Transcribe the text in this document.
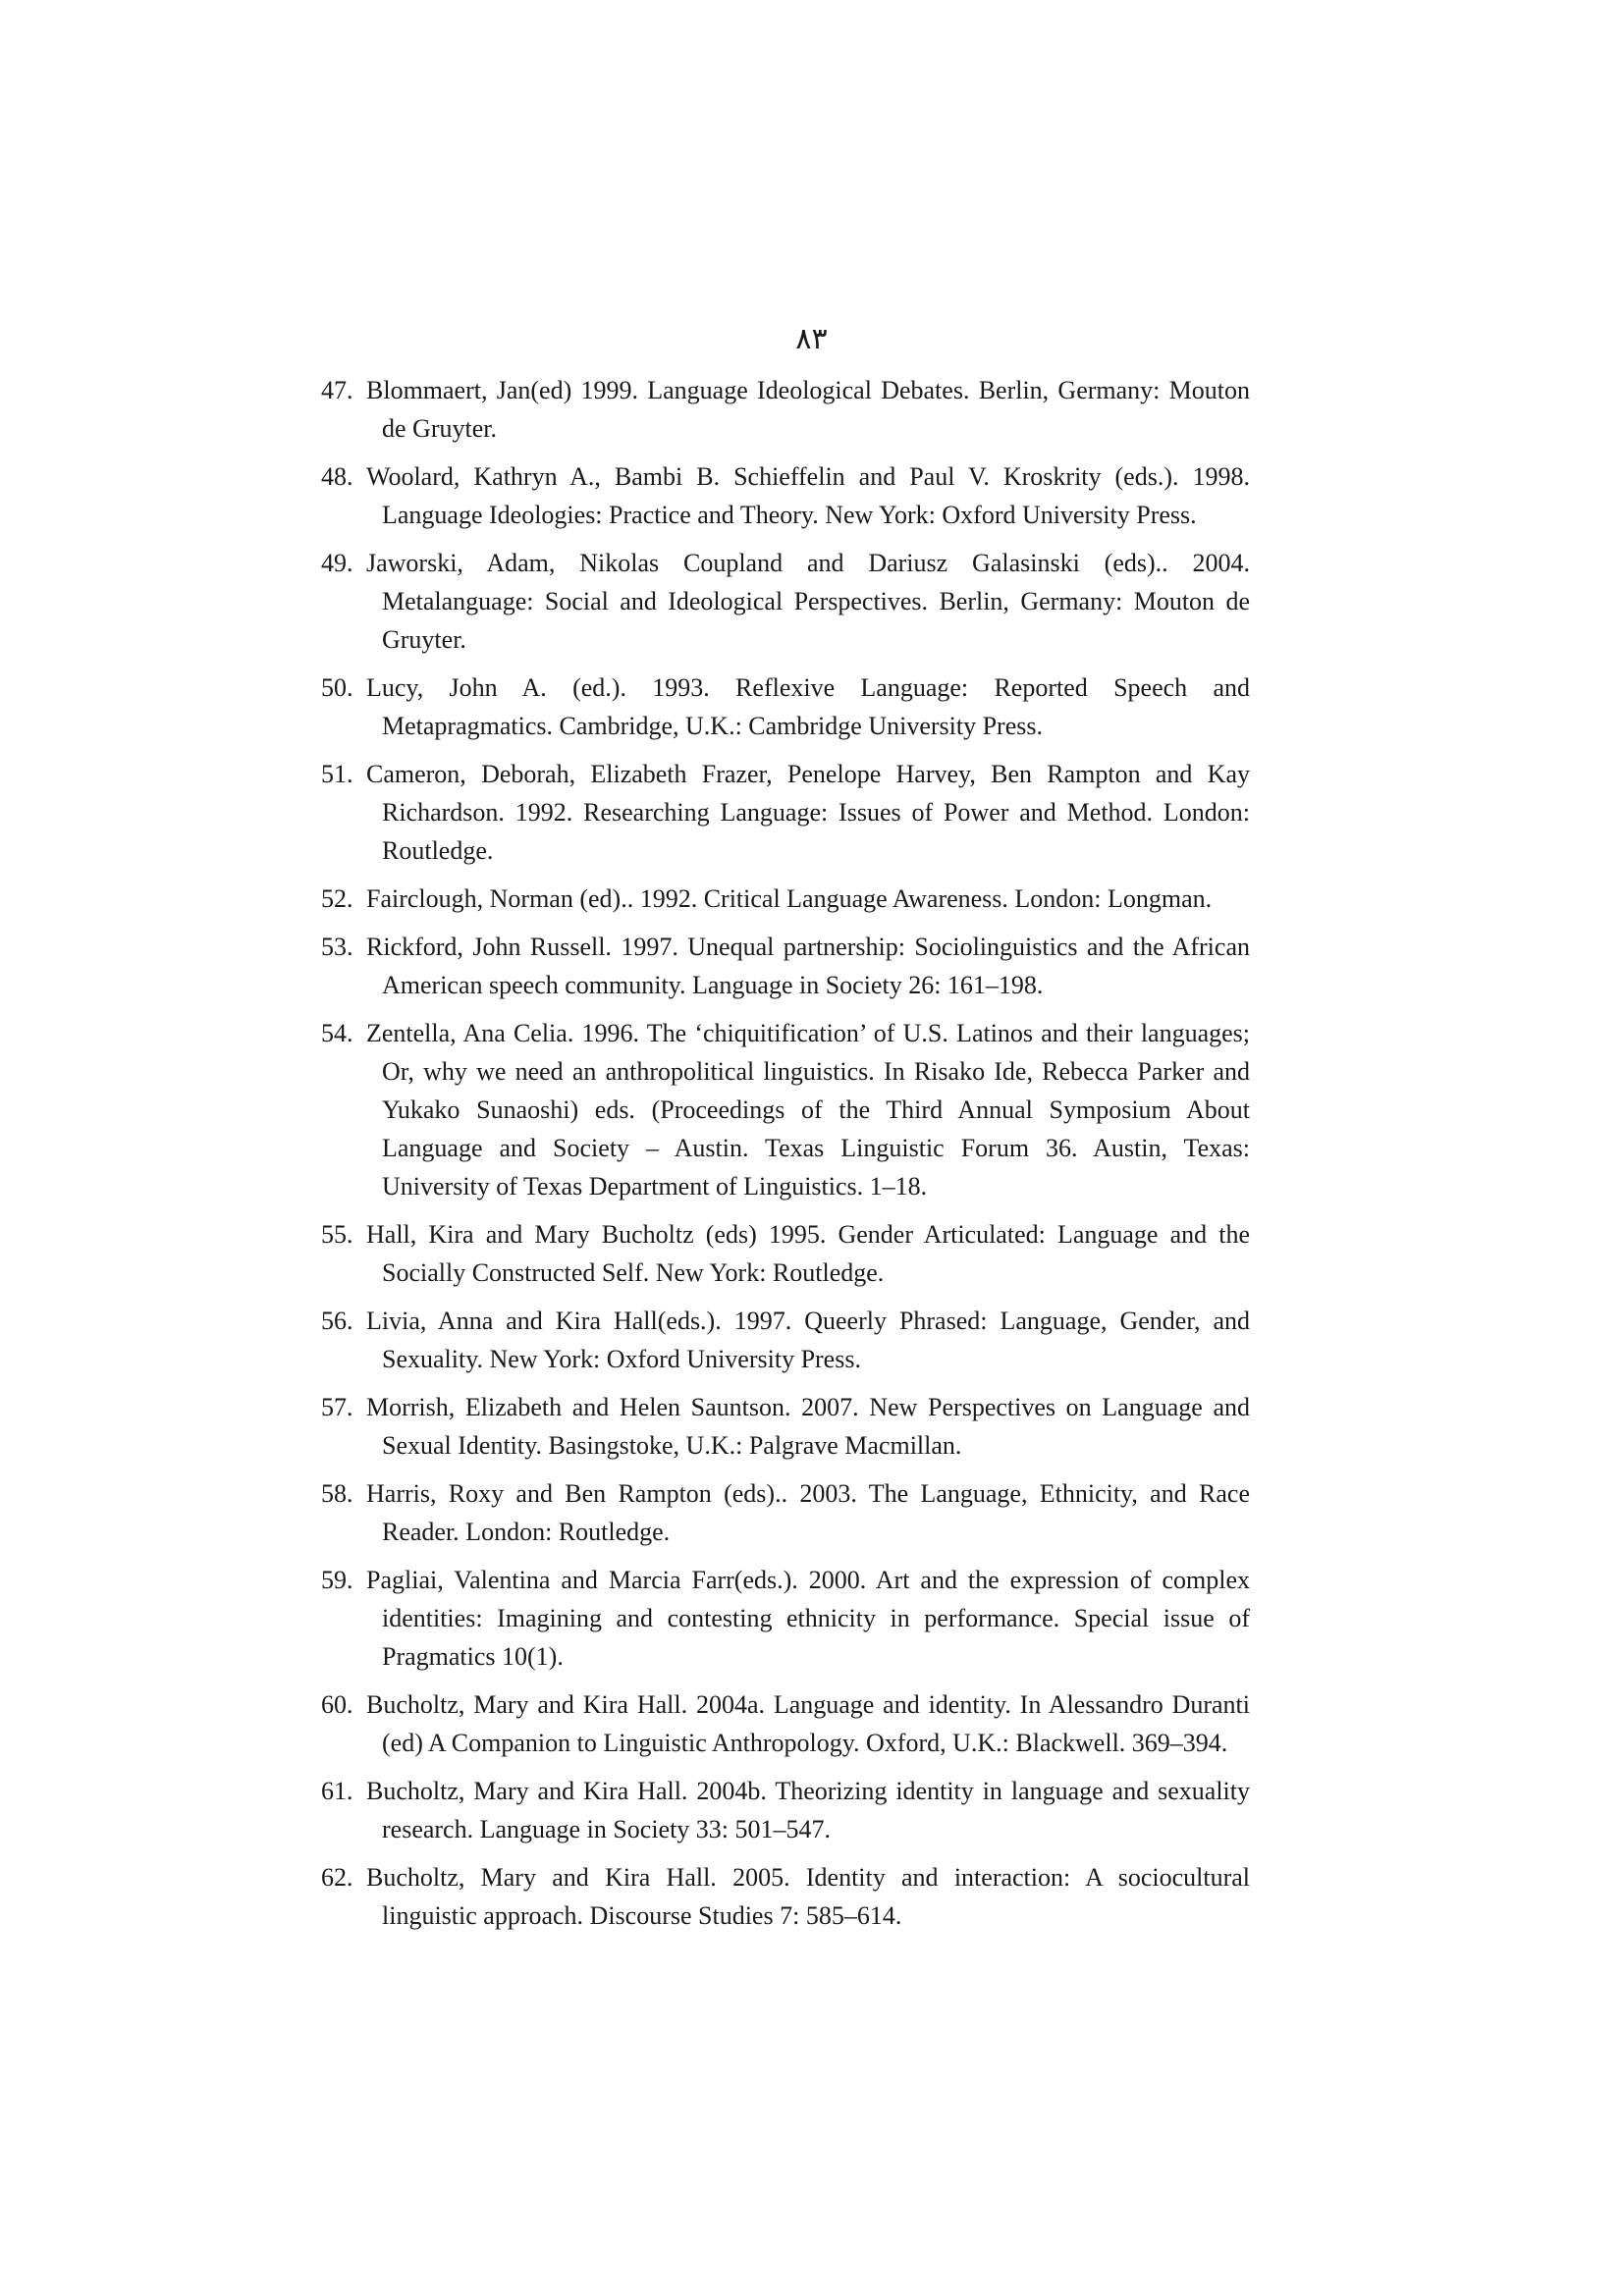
۸۳
47. Blommaert, Jan(ed) 1999. Language Ideological Debates. Berlin, Germany: Mouton de Gruyter.
48. Woolard, Kathryn A., Bambi B. Schieffelin and Paul V. Kroskrity (eds.). 1998. Language Ideologies: Practice and Theory. New York: Oxford University Press.
49. Jaworski, Adam, Nikolas Coupland and Dariusz Galasinski (eds).. 2004. Metalanguage: Social and Ideological Perspectives. Berlin, Germany: Mouton de Gruyter.
50. Lucy, John A. (ed.). 1993. Reflexive Language: Reported Speech and Metapragmatics. Cambridge, U.K.: Cambridge University Press.
51. Cameron, Deborah, Elizabeth Frazer, Penelope Harvey, Ben Rampton and Kay Richardson. 1992. Researching Language: Issues of Power and Method. London: Routledge.
52. Fairclough, Norman (ed).. 1992. Critical Language Awareness. London: Longman.
53. Rickford, John Russell. 1997. Unequal partnership: Sociolinguistics and the African American speech community. Language in Society 26: 161–198.
54. Zentella, Ana Celia. 1996. The ‘chiquitification’ of U.S. Latinos and their languages; Or, why we need an anthropolitical linguistics. In Risako Ide, Rebecca Parker and Yukako Sunaoshi) eds. (Proceedings of the Third Annual Symposium About Language and Society – Austin. Texas Linguistic Forum 36. Austin, Texas: University of Texas Department of Linguistics. 1–18.
55. Hall, Kira and Mary Bucholtz (eds) 1995. Gender Articulated: Language and the Socially Constructed Self. New York: Routledge.
56. Livia, Anna and Kira Hall(eds.). 1997. Queerly Phrased: Language, Gender, and Sexuality. New York: Oxford University Press.
57. Morrish, Elizabeth and Helen Sauntson. 2007. New Perspectives on Language and Sexual Identity. Basingstoke, U.K.: Palgrave Macmillan.
58. Harris, Roxy and Ben Rampton (eds).. 2003. The Language, Ethnicity, and Race Reader. London: Routledge.
59. Pagliai, Valentina and Marcia Farr(eds.). 2000. Art and the expression of complex identities: Imagining and contesting ethnicity in performance. Special issue of Pragmatics 10(1).
60. Bucholtz, Mary and Kira Hall. 2004a. Language and identity. In Alessandro Duranti (ed) A Companion to Linguistic Anthropology. Oxford, U.K.: Blackwell. 369–394.
61. Bucholtz, Mary and Kira Hall. 2004b. Theorizing identity in language and sexuality research. Language in Society 33: 501–547.
62. Bucholtz, Mary and Kira Hall. 2005. Identity and interaction: A sociocultural linguistic approach. Discourse Studies 7: 585–614.
